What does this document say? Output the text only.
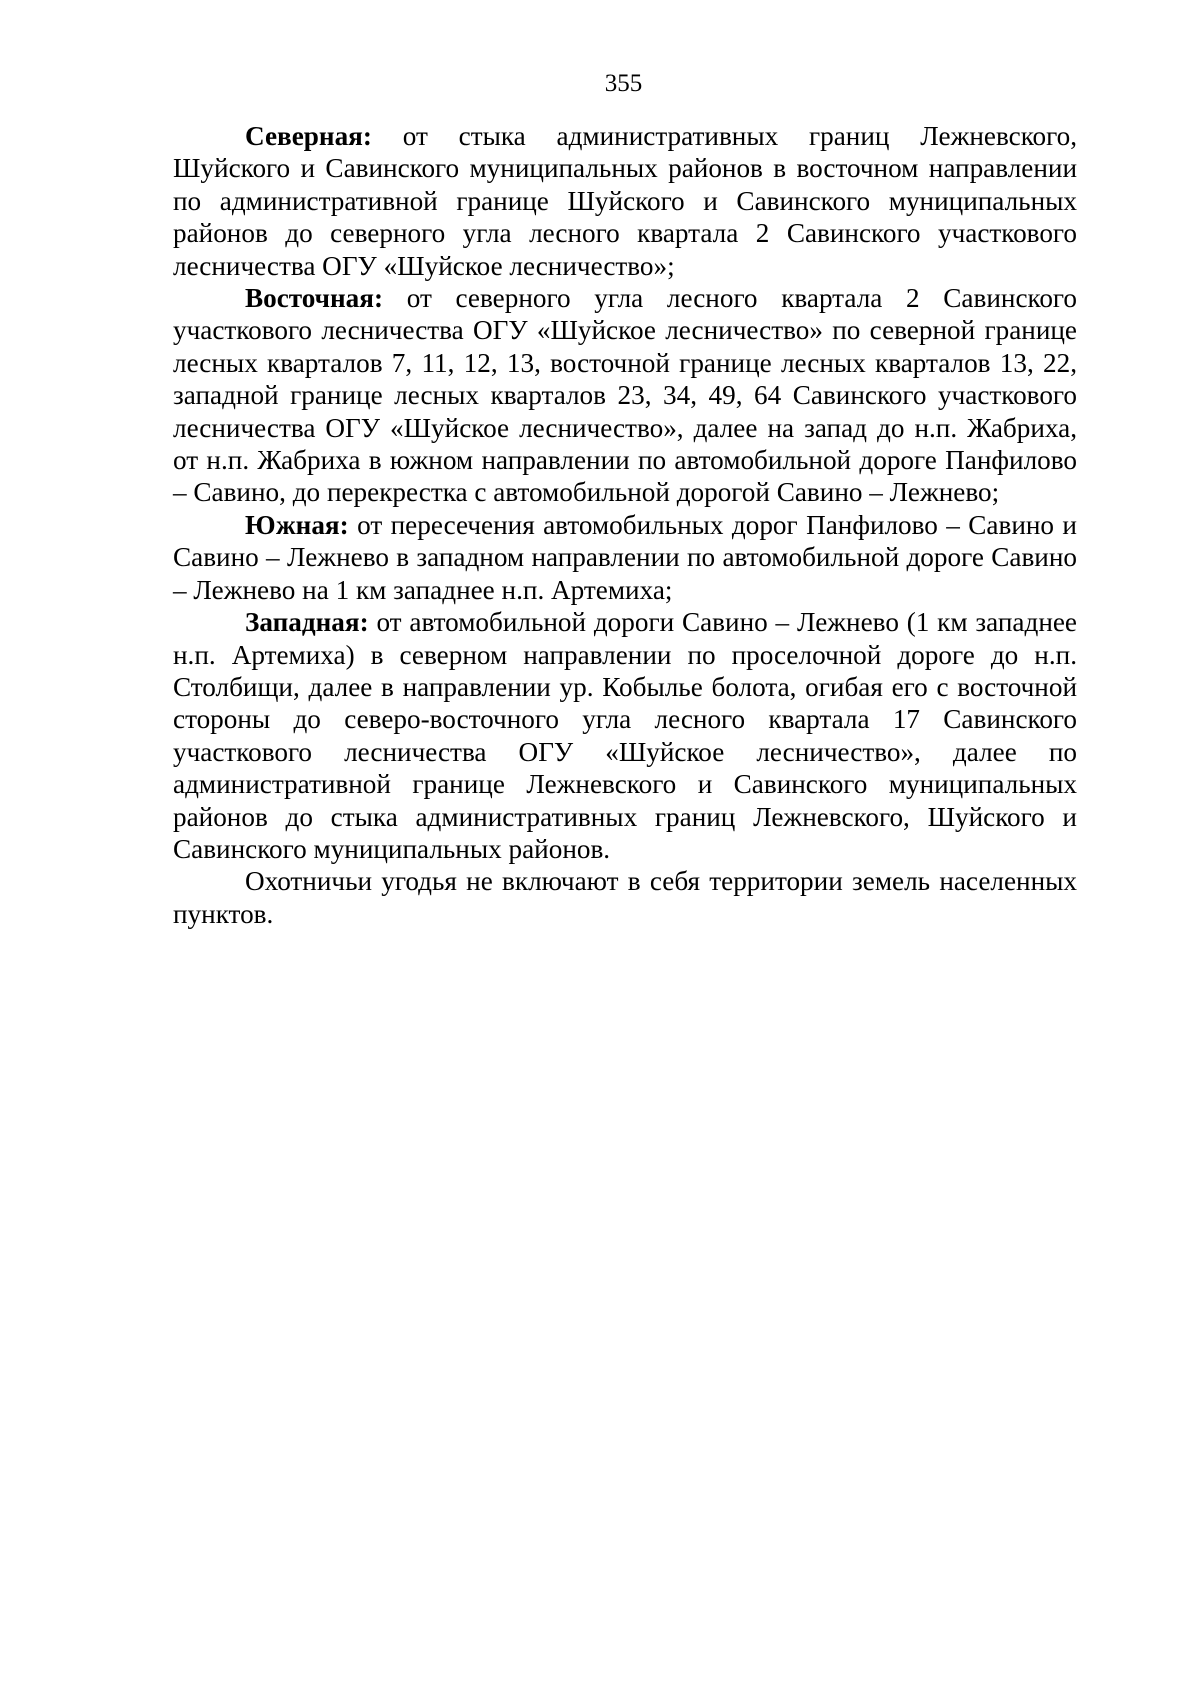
355

Северная: от стыка административных границ Лежневского, Шуйского и Савинского муниципальных районов в восточном направлении по административной границе Шуйского и Савинского муниципальных районов до северного угла лесного квартала 2 Савинского участкового лесничества ОГУ «Шуйское лесничество»;

Восточная: от северного угла лесного квартала 2 Савинского участкового лесничества ОГУ «Шуйское лесничество» по северной границе лесных кварталов 7, 11, 12, 13, восточной границе лесных кварталов 13, 22, западной границе лесных кварталов 23, 34, 49, 64 Савинского участкового лесничества ОГУ «Шуйское лесничество», далее на запад до н.п. Жабриха, от н.п. Жабриха в южном направлении по автомобильной дороге Панфилово – Савино, до перекрестка с автомобильной дорогой Савино – Лежнево;

Южная: от пересечения автомобильных дорог Панфилово – Савино и Савино – Лежнево в западном направлении по автомобильной дороге Савино – Лежнево на 1 км западнее н.п. Артемиха;

Западная: от автомобильной дороги Савино – Лежнево (1 км западнее н.п. Артемиха) в северном направлении по проселочной дороге до н.п. Столбищи, далее в направлении ур. Кобылье болота, огибая его с восточной стороны до северо-восточного угла лесного квартала 17 Савинского участкового лесничества ОГУ «Шуйское лесничество», далее по административной границе Лежневского и Савинского муниципальных районов до стыка административных границ Лежневского, Шуйского и Савинского муниципальных районов.

Охотничьи угодья не включают в себя территории земель населенных пунктов.
